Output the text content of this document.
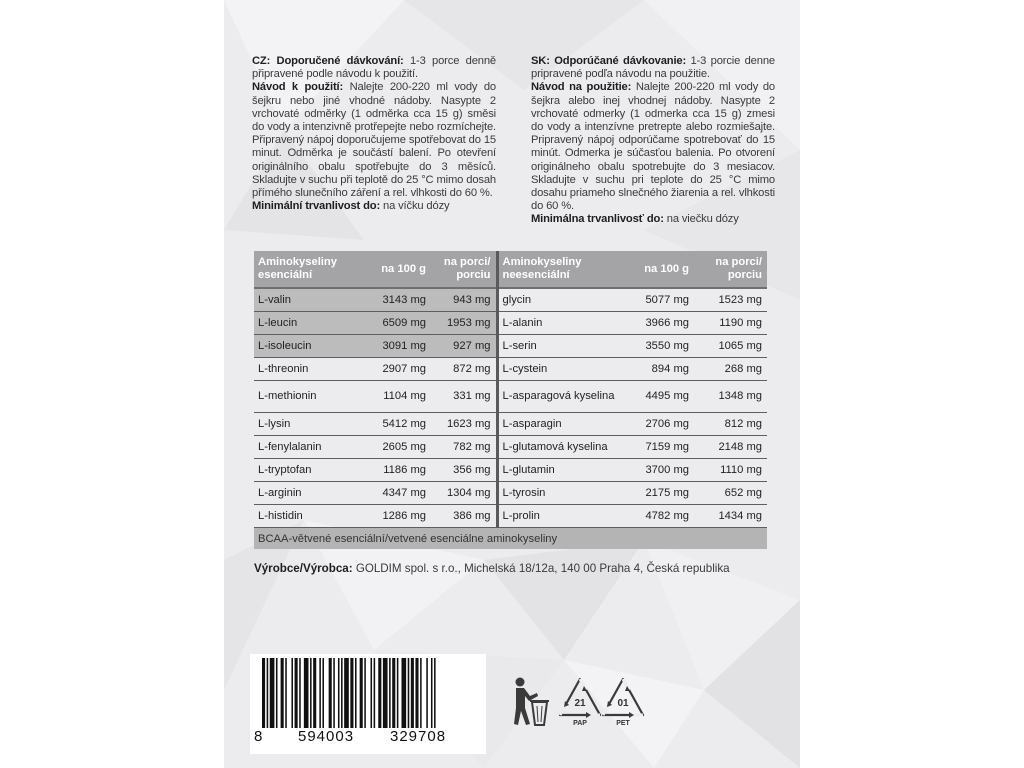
CZ: Doporučené dávkování: 1-3 porce denně připravené podle návodu k použití.

Návod k použití: Nalejte 200-220 ml vody do šejkru nebo jiné vhodné nádoby. Nasypte 2 vrchovaté odměrky (1 odměrka cca 15 g) směsi do vody a intenzivně protřepejte nebo rozmíchejte. Připravený nápoj doporučujeme spotřebovat do 15 minut. Odměrka je součástí balení. Po otevření originálního obalu spotřebujte do 3 měsíců. Skladujte v suchu při teplotě do 25 °C mimo dosah přímého slunečního záření a rel. vlhkosti do 60 %.

Minimální trvanlivost do: na víčku dózy

SK: Odporúčané dávkovanie: 1-3 porcie denne pripravené podľa návodu na použitie.

Návod na použitie: Nalejte 200-220 ml vody do šejkra alebo inej vhodnej nádoby. Nasypte 2 vrchovaté odmerky (1 odmerka cca 15 g) zmesi do vody a intenzívne pretrepte alebo rozmiešajte. Pripravený nápoj odporúčame spotrebovať do 15 minút. Odmerka je súčasťou balenia. Po otvorení originálneho obalu spotrebujte do 3 mesiacov. Skladujte v suchu pri teplote do 25 °C mimo dosahu priameho slnečného žiarenia a rel. vlhkosti do 60 %.

Minimálna trvanlivosť do: na viečku dózy

Aminokyseliny esenciální	na 100 g	na porci/ porciu	Aminokyseliny neesenciální	na 100 g	na porci/ porciu
L-valin	3143 mg	943 mg	glycin	5077 mg	1523 mg
L-leucin	6509 mg	1953 mg	L-alanin	3966 mg	1190 mg
L-isoleucin	3091 mg	927 mg	L-serin	3550 mg	1065 mg
L-threonin	2907 mg	872 mg	L-cystein	894 mg	268 mg
L-methionin	1104 mg	331 mg	L-asparagová kyselina	4495 mg	1348 mg
L-lysin	5412 mg	1623 mg	L-asparagin	2706 mg	812 mg
L-fenylalanin	2605 mg	782 mg	L-glutamová kyselina	7159 mg	2148 mg
L-tryptofan	1186 mg	356 mg	L-glutamin	3700 mg	1110 mg
L-arginin	4347 mg	1304 mg	L-tyrosin	2175 mg	652 mg
L-histidin	1286 mg	386 mg	L-prolin	4782 mg	1434 mg
BCAA-větvené esenciální/vetvené esenciálne aminokyseliny					
Výrobce/Výrobca: GOLDIM spol. s r.o., Michelská 18/12a, 140 00 Praha 4, Česká republika
8 594003 329708
21
PAP
01
PET
